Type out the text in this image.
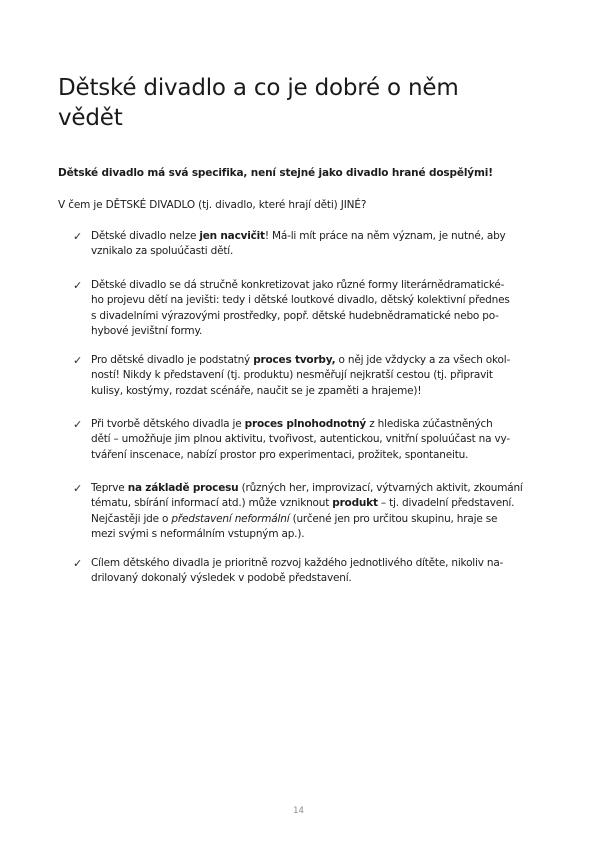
Dětské divadlo a co je dobré o něm
vědět

Dětské divadlo má svá specifika, není stejné jako divadlo hrané dospělými!

V čem je DĚTSKÉ DIVADLO (tj. divadlo, které hrají děti) JINÉ?

✓ Dětské divadlo nelze jen nacvičit! Má-li mít práce na něm význam, je nutné, aby
vznikalo za spoluúčasti dětí.

✓ Dětské divadlo se dá stručně konkretizovat jako různé formy literárnědramatické-
ho projevu dětí na jevišti: tedy i dětské loutkové divadlo, dětský kolektivní přednes
s divadelními výrazovými prostředky, popř. dětské hudebnědramatické nebo po-
hybové jevištní formy.

✓ Pro dětské divadlo je podstatný proces tvorby, o něj jde vždycky a za všech okol-
ností! Nikdy k představení (tj. produktu) nesměřují nejkratší cestou (tj. připravit
kulisy, kostýmy, rozdat scénáře, naučit se je zpaměti a hrajeme)!

✓ Při tvorbě dětského divadla je proces plnohodnotný z hlediska zúčastněných
dětí – umožňuje jim plnou aktivitu, tvořivost, autentickou, vnitřní spoluúčast na vy-
tváření inscenace, nabízí prostor pro experimentaci, prožitek, spontaneitu.

✓ Teprve na základě procesu (různých her, improvizací, výtvarných aktivit, zkoumání
tématu, sbírání informací atd.) může vzniknout produkt – tj. divadelní představení.
Nejčastěji jde o představení neformální (určené jen pro určitou skupinu, hraje se
mezi svými s neformálním vstupným ap.).

✓ Cílem dětského divadla je prioritně rozvoj každého jednotlivého dítěte, nikoliv na-
drilovaný dokonalý výsledek v podobě představení.

14
